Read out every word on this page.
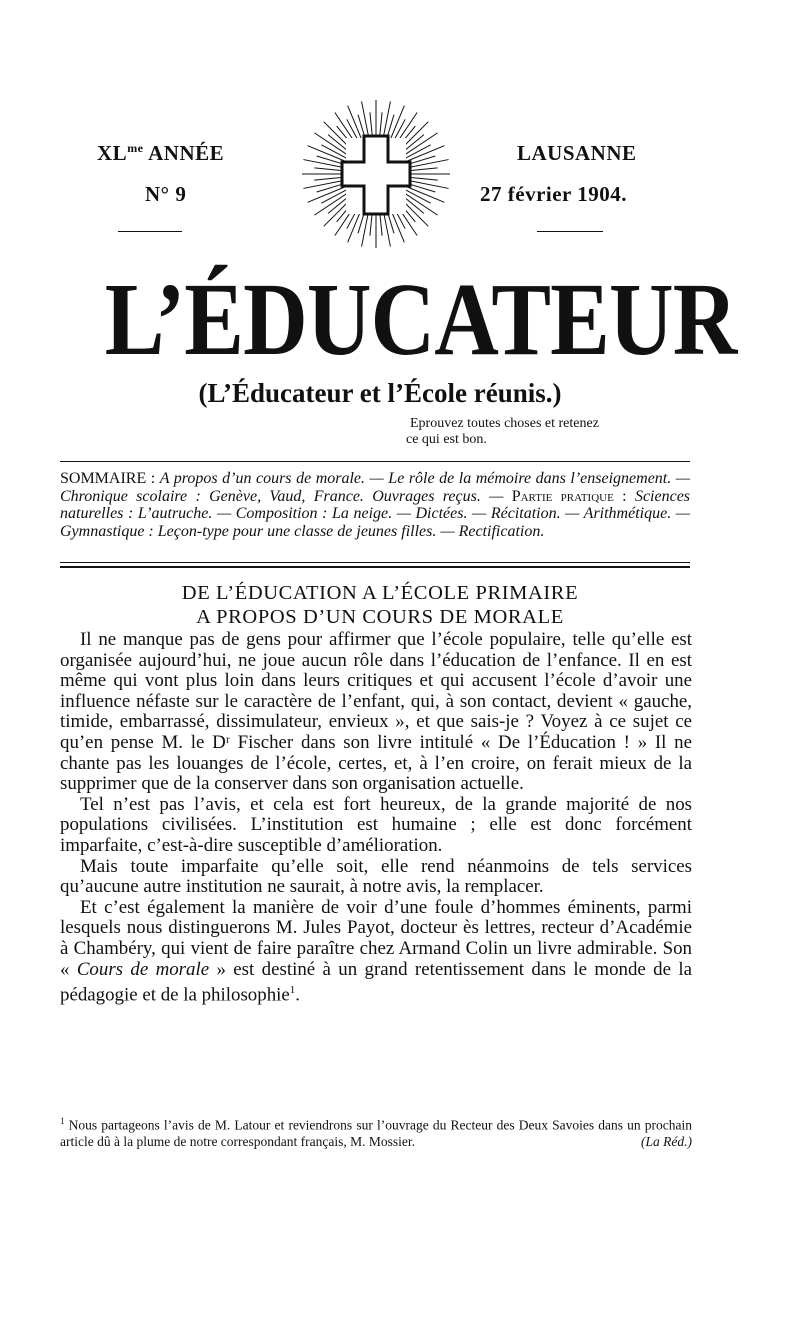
$XL^{me}$ ANNÉE
N° 9
LAUSANNE
27 février 1904.
L’ÉDUCATEUR
(L’Éducateur et l’École réunis.)
Eprouvez toutes choses et retenez
ce qui est bon.
SOMMAIRE : A propos d’un cours de morale. — Le rôle de la mémoire dans l’enseignement. — Chronique scolaire : Genève, Vaud, France. Ouvrages reçus. — Partie pratique : Sciences naturelles : L’autruche. — Composition : La neige. — Dictées. — Récitation. — Arithmétique. — Gymnastique : Leçon-type pour une classe de jeunes filles. — Rectification.
DE L’ÉDUCATION A L’ÉCOLE PRIMAIRE
A PROPOS D’UN COURS DE MORALE

Il ne manque pas de gens pour affirmer que l’école populaire, telle qu’elle est organisée aujourd’hui, ne joue aucun rôle dans l’éducation de l’enfance. Il en est même qui vont plus loin dans leurs critiques et qui accusent l’école d’avoir une influence néfaste sur le caractère de l’enfant, qui, à son contact, devient « gauche, timide, embarrassé, dissimulateur, envieux », et que sais-je ? Voyez à ce sujet ce qu’en pense M. le Dʳ Fischer dans son livre intitulé « De l’Éducation ! » Il ne chante pas les louanges de l’école, certes, et, à l’en croire, on ferait mieux de la supprimer que de la conserver dans son organisation actuelle.

Tel n’est pas l’avis, et cela est fort heureux, de la grande majorité de nos populations civilisées. L’institution est humaine ; elle est donc forcément imparfaite, c’est-à-dire susceptible d’amélioration.

Mais toute imparfaite qu’elle soit, elle rend néanmoins de tels services qu’aucune autre institution ne saurait, à notre avis, la remplacer.

Et c’est également la manière de voir d’une foule d’hommes éminents, parmi lesquels nous distinguerons M. Jules Payot, docteur ès lettres, recteur d’Académie à Chambéry, qui vient de faire paraître chez Armand Colin un livre admirable. Son « Cours de morale » est destiné à un grand retentissement dans le monde de la pédagogie et de la philosophie$^1$.

$^1$ Nous partageons l’avis de M. Latour et reviendrons sur l’ouvrage du Recteur des Deux Savoies dans un prochain article dû à la plume de notre correspondant français, M. Mossier.	(La Réd.)
